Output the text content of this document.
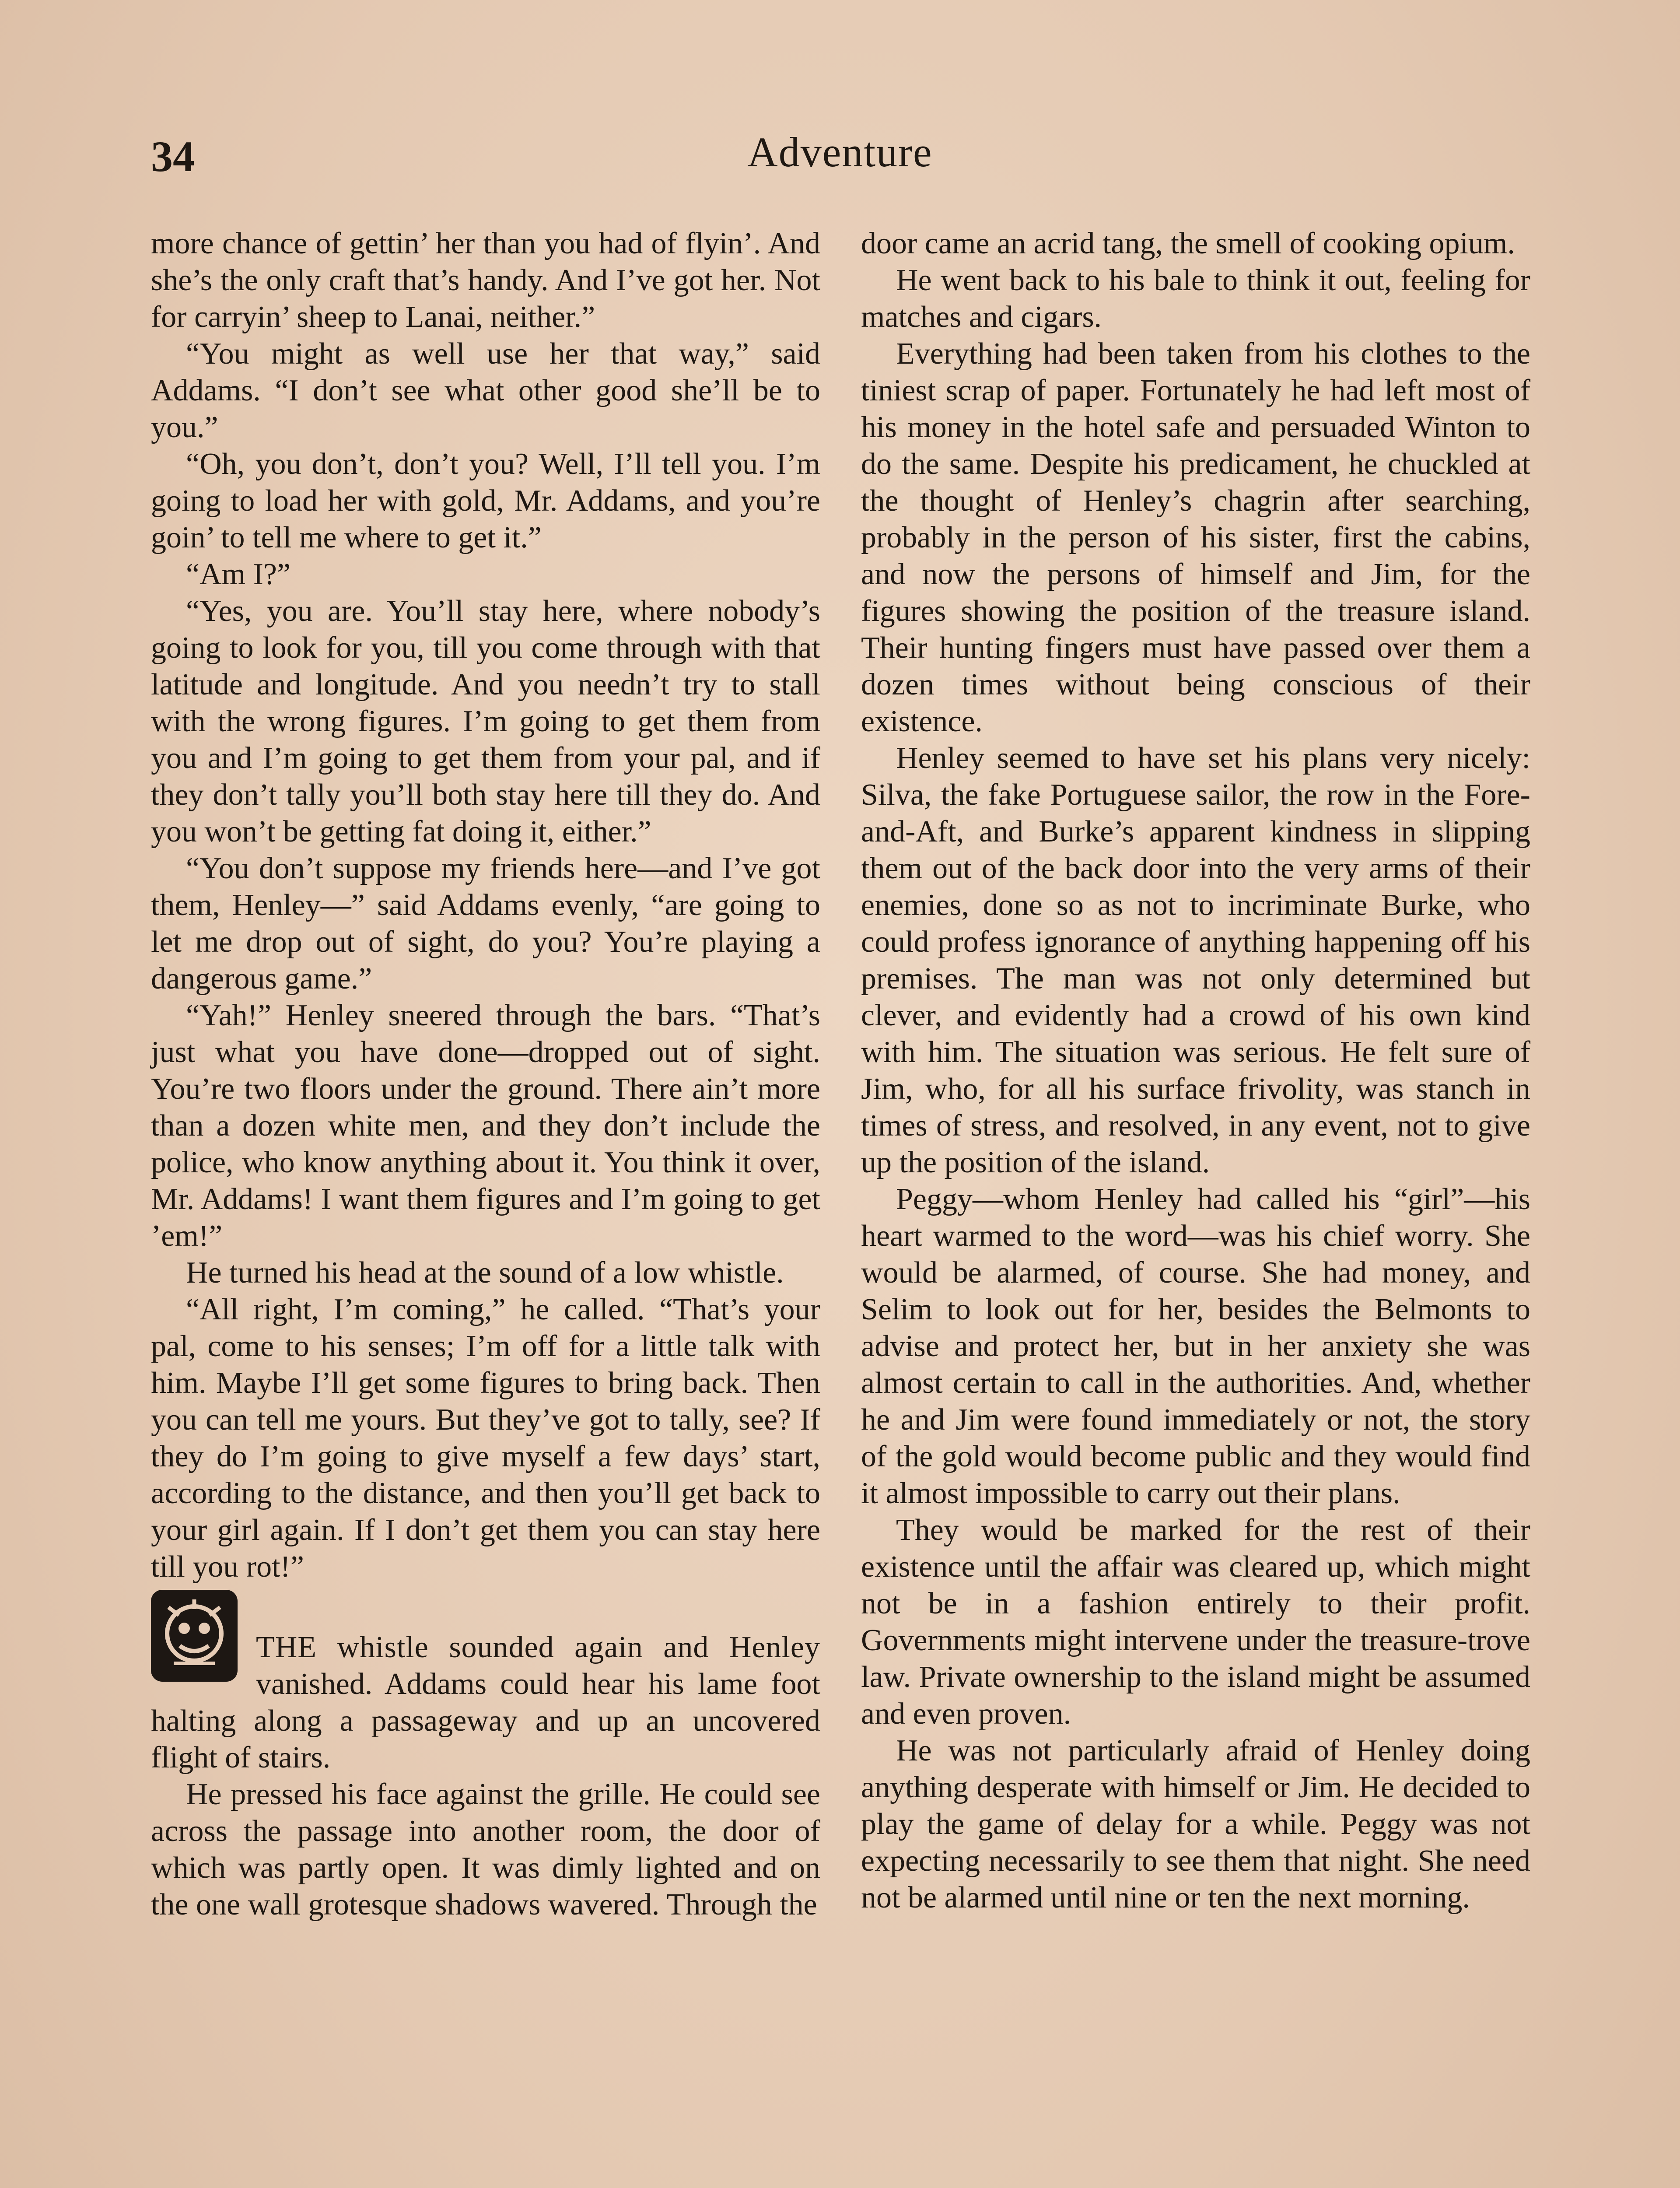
34	Adventure

more chance of gettin’ her than you had of flyin’. And she’s the only craft that’s handy. And I’ve got her. Not for carryin’ sheep to Lanai, neither.”

“You might as well use her that way,” said Addams. “I don’t see what other good she’ll be to you.”

“Oh, you don’t, don’t you? Well, I’ll tell you. I’m going to load her with gold, Mr. Addams, and you’re goin’ to tell me where to get it.”

“Am I?”

“Yes, you are. You’ll stay here, where nobody’s going to look for you, till you come through with that latitude and longitude. And you needn’t try to stall with the wrong figures. I’m going to get them from you and I’m going to get them from your pal, and if they don’t tally you’ll both stay here till they do. And you won’t be getting fat doing it, either.”

“You don’t suppose my friends here—and I’ve got them, Henley—” said Addams evenly, “are going to let me drop out of sight, do you? You’re playing a dangerous game.”

“Yah!” Henley sneered through the bars. “That’s just what you have done—dropped out of sight. You’re two floors under the ground. There ain’t more than a dozen white men, and they don’t include the police, who know anything about it. You think it over, Mr. Addams! I want them figures and I’m going to get ’em!”

He turned his head at the sound of a low whistle.

“All right, I’m coming,” he called. “That’s your pal, come to his senses; I’m off for a little talk with him. Maybe I’ll get some figures to bring back. Then you can tell me yours. But they’ve got to tally, see? If they do I’m going to give myself a few days’ start, according to the distance, and then you’ll get back to your girl again. If I don’t get them you can stay here till you rot!”

THE whistle sounded again and Henley vanished. Addams could hear his lame foot halting along a passageway and up an uncovered flight of stairs.

He pressed his face against the grille. He could see across the passage into another room, the door of which was partly open. It was dimly lighted and on the one wall grotesque shadows wavered. Through the

door came an acrid tang, the smell of cooking opium.

He went back to his bale to think it out, feeling for matches and cigars.

Everything had been taken from his clothes to the tiniest scrap of paper. Fortunately he had left most of his money in the hotel safe and persuaded Winton to do the same. Despite his predicament, he chuckled at the thought of Henley’s chagrin after searching, probably in the person of his sister, first the cabins, and now the persons of himself and Jim, for the figures showing the position of the treasure island. Their hunting fingers must have passed over them a dozen times without being conscious of their existence.

Henley seemed to have set his plans very nicely: Silva, the fake Portuguese sailor, the row in the Fore-and-Aft, and Burke’s apparent kindness in slipping them out of the back door into the very arms of their enemies, done so as not to incriminate Burke, who could profess ignorance of anything happening off his premises. The man was not only determined but clever, and evidently had a crowd of his own kind with him. The situation was serious. He felt sure of Jim, who, for all his surface frivolity, was stanch in times of stress, and resolved, in any event, not to give up the position of the island.

Peggy—whom Henley had called his “girl”—his heart warmed to the word—was his chief worry. She would be alarmed, of course. She had money, and Selim to look out for her, besides the Belmonts to advise and protect her, but in her anxiety she was almost certain to call in the authorities. And, whether he and Jim were found immediately or not, the story of the gold would become public and they would find it almost impossible to carry out their plans.

They would be marked for the rest of their existence until the affair was cleared up, which might not be in a fashion entirely to their profit. Governments might intervene under the treasure-trove law. Private ownership to the island might be assumed and even proven.

He was not particularly afraid of Henley doing anything desperate with himself or Jim. He decided to play the game of delay for a while. Peggy was not expecting necessarily to see them that night. She need not be alarmed until nine or ten the next morning.
